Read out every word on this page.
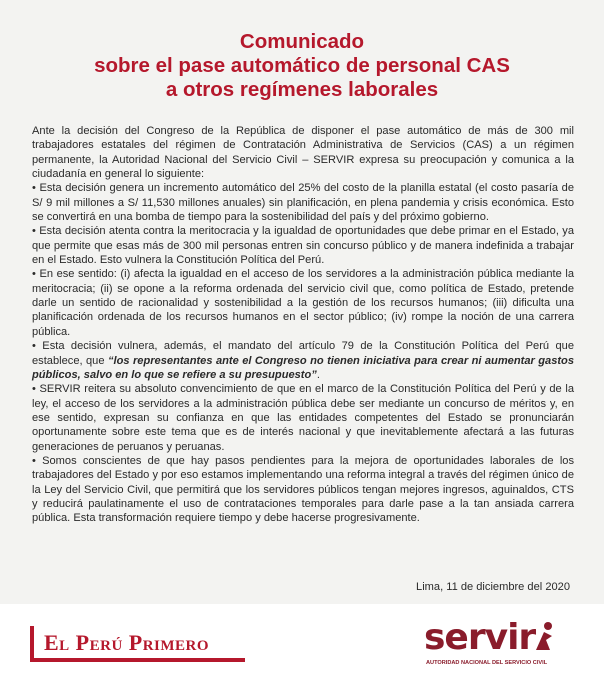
Comunicado
sobre el pase automático de personal CAS
a otros regímenes laborales

Ante la decisión del Congreso de la República de disponer el pase automático de más de 300 mil trabajadores estatales del régimen de Contratación Administrativa de Servicios (CAS) a un régimen permanente, la Autoridad Nacional del Servicio Civil – SERVIR expresa su preocupación y comunica a la ciudadanía en general lo siguiente:

• Esta decisión genera un incremento automático del 25% del costo de la planilla estatal (el costo pasaría de S/ 9 mil millones a S/ 11,530 millones anuales) sin planificación, en plena pandemia y crisis económica. Esto se convertirá en una bomba de tiempo para la sostenibilidad del país y del próximo gobierno.

• Esta decisión atenta contra la meritocracia y la igualdad de oportunidades que debe primar en el Estado, ya que permite que esas más de 300 mil personas entren sin concurso público y de manera indefinida a trabajar en el Estado. Esto vulnera la Constitución Política del Perú.

• En ese sentido: (i) afecta la igualdad en el acceso de los servidores a la administración pública mediante la meritocracia; (ii) se opone a la reforma ordenada del servicio civil que, como política de Estado, pretende darle un sentido de racionalidad y sostenibilidad a la gestión de los recursos humanos; (iii) dificulta una planificación ordenada de los recursos humanos en el sector público; (iv) rompe la noción de una carrera pública.

• Esta decisión vulnera, además, el mandato del artículo 79 de la Constitución Política del Perú que establece, que “los representantes ante el Congreso no tienen iniciativa para crear ni aumentar gastos públicos, salvo en lo que se refiere a su presupuesto”.

• SERVIR reitera su absoluto convencimiento de que en el marco de la Constitución Política del Perú y de la ley, el acceso de los servidores a la administración pública debe ser mediante un concurso de méritos y, en ese sentido, expresan su confianza en que las entidades competentes del Estado se pronunciarán oportunamente sobre este tema que es de interés nacional y que inevitablemente afectará a las futuras generaciones de peruanos y peruanas.

• Somos conscientes de que hay pasos pendientes para la mejora de oportunidades laborales de los trabajadores del Estado y por eso estamos implementando una reforma integral a través del régimen único de la Ley del Servicio Civil, que permitirá que los servidores públicos tengan mejores ingresos, aguinaldos, CTS y reducirá paulatinamente el uso de contrataciones temporales para darle pase a la tan ansiada carrera pública. Esta transformación requiere tiempo y debe hacerse progresivamente.

Lima, 11 de diciembre del 2020
El Perú Primero	servir
AUTORIDAD NACIONAL DEL SERVICIO CIVIL
